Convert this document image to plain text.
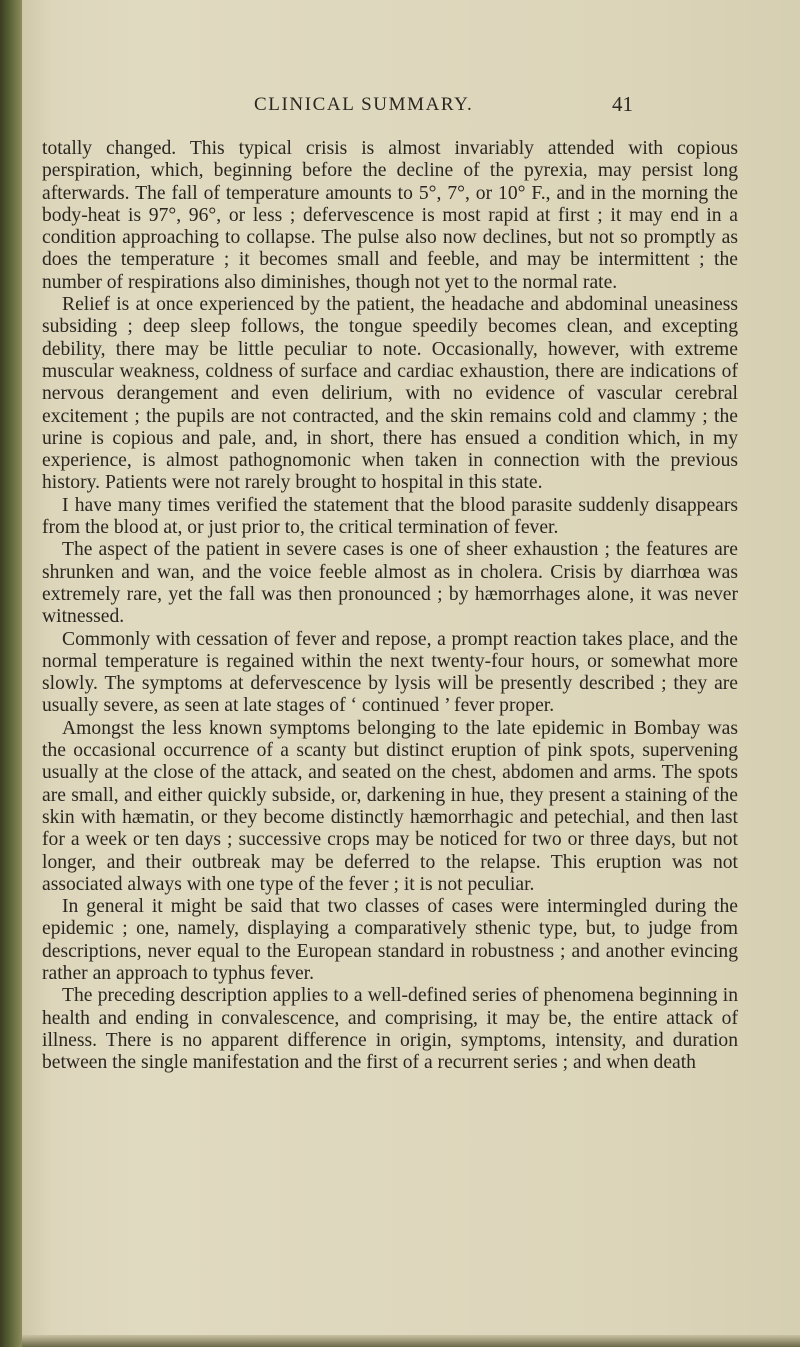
CLINICAL SUMMARY.	41

totally changed. This typical crisis is almost invariably attended with copious perspiration, which, beginning before the decline of the pyrexia, may persist long afterwards. The fall of temperature amounts to 5°, 7°, or 10° F., and in the morning the body-heat is 97°, 96°, or less ; defervescence is most rapid at first ; it may end in a condition approaching to collapse. The pulse also now declines, but not so promptly as does the temperature ; it becomes small and feeble, and may be intermittent ; the number of respirations also diminishes, though not yet to the normal rate.

Relief is at once experienced by the patient, the headache and abdominal uneasiness subsiding ; deep sleep follows, the tongue speedily becomes clean, and excepting debility, there may be little peculiar to note. Occasionally, however, with extreme muscular weakness, coldness of surface and cardiac exhaustion, there are indications of nervous derangement and even delirium, with no evidence of vascular cerebral excitement ; the pupils are not contracted, and the skin remains cold and clammy ; the urine is copious and pale, and, in short, there has ensued a condition which, in my experience, is almost pathognomonic when taken in connection with the previous history. Patients were not rarely brought to hospital in this state.

I have many times verified the statement that the blood parasite suddenly disappears from the blood at, or just prior to, the critical termination of fever.

The aspect of the patient in severe cases is one of sheer exhaustion ; the features are shrunken and wan, and the voice feeble almost as in cholera. Crisis by diarrhœa was extremely rare, yet the fall was then pronounced ; by hæmorrhages alone, it was never witnessed.

Commonly with cessation of fever and repose, a prompt reaction takes place, and the normal temperature is regained within the next twenty-four hours, or somewhat more slowly. The symptoms at defervescence by lysis will be presently described ; they are usually severe, as seen at late stages of ‘ continued ’ fever proper.

Amongst the less known symptoms belonging to the late epidemic in Bombay was the occasional occurrence of a scanty but distinct eruption of pink spots, supervening usually at the close of the attack, and seated on the chest, abdomen and arms. The spots are small, and either quickly subside, or, darkening in hue, they present a staining of the skin with hæmatin, or they become distinctly hæmorrhagic and petechial, and then last for a week or ten days ; successive crops may be noticed for two or three days, but not longer, and their outbreak may be deferred to the relapse. This eruption was not associated always with one type of the fever ; it is not peculiar.

In general it might be said that two classes of cases were intermingled during the epidemic ; one, namely, displaying a comparatively sthenic type, but, to judge from descriptions, never equal to the European standard in robustness ; and another evincing rather an approach to typhus fever.

The preceding description applies to a well-defined series of phenomena beginning in health and ending in convalescence, and comprising, it may be, the entire attack of illness. There is no apparent difference in origin, symptoms, intensity, and duration between the single manifestation and the first of a recurrent series ; and when death
